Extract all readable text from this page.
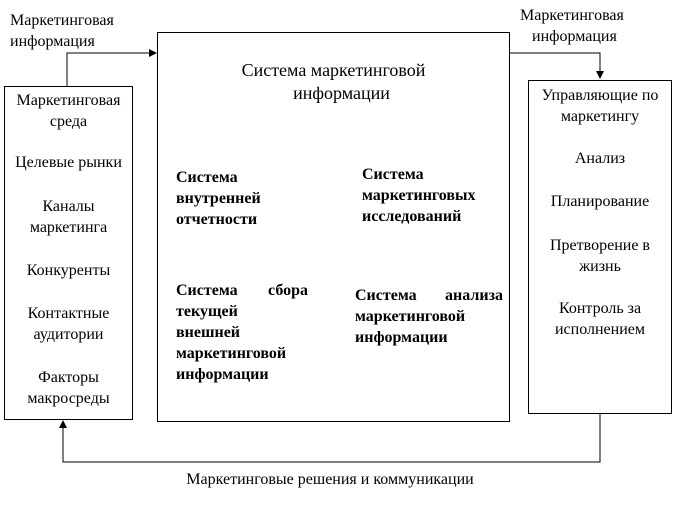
Маркетинговая
информация
Маркетинговая
информация
Маркетинговые решения и коммуникации
Маркетинговая
среда
Целевые рынки
Каналы
маркетинга
Конкуренты
Контактные
аудитории
Факторы
макросреды
Система маркетинговой
информации
Система
внутренней
отчетности
Система
маркетинговых
исследований
Система сбора
текущей
внешней
маркетинговой
информации
Система анализа
маркетинговой
информации
Управляющие по
маркетингу
Анализ
Планирование
Претворение в
жизнь
Контроль за
исполнением
